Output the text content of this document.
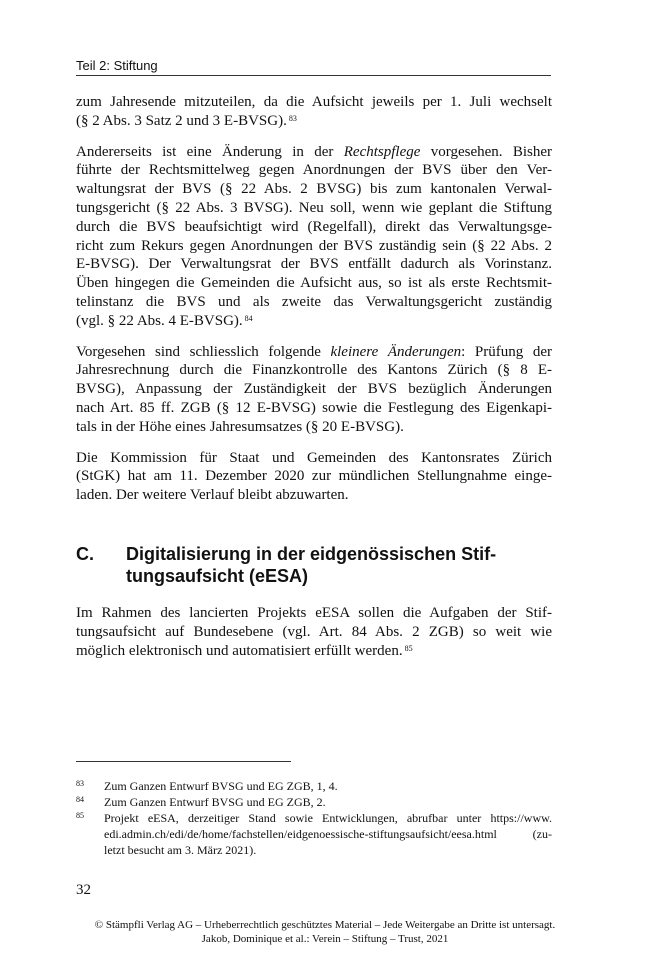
Teil 2: Stiftung

zum Jahresende mitzuteilen, da die Aufsicht jeweils per 1. Juli wechselt
(§ 2 Abs. 3 Satz 2 und 3 E-BVSG). $^{83}$

Andererseits ist eine Änderung in der Rechtspflege vorgesehen. Bisher
führte der Rechtsmittelweg gegen Anordnungen der BVS über den Ver-
waltungsrat der BVS (§ 22 Abs. 2 BVSG) bis zum kantonalen Verwal-
tungsgericht (§ 22 Abs. 3 BVSG). Neu soll, wenn wie geplant die Stiftung
durch die BVS beaufsichtigt wird (Regelfall), direkt das Verwaltungsge-
richt zum Rekurs gegen Anordnungen der BVS zuständig sein (§ 22 Abs. 2
E-BVSG). Der Verwaltungsrat der BVS entfällt dadurch als Vorinstanz.
Üben hingegen die Gemeinden die Aufsicht aus, so ist als erste Rechtsmit-
telinstanz die BVS und als zweite das Verwaltungsgericht zuständig
(vgl. § 22 Abs. 4 E-BVSG). $^{84}$

Vorgesehen sind schliesslich folgende kleinere Änderungen: Prüfung der
Jahresrechnung durch die Finanzkontrolle des Kantons Zürich (§ 8 E-
BVSG), Anpassung der Zuständigkeit der BVS bezüglich Änderungen
nach Art. 85 ff. ZGB (§ 12 E-BVSG) sowie die Festlegung des Eigenkapi-
tals in der Höhe eines Jahresumsatzes (§ 20 E-BVSG).

Die Kommission für Staat und Gemeinden des Kantonsrates Zürich
(StGK) hat am 11. Dezember 2020 zur mündlichen Stellungnahme einge-
laden. Der weitere Verlauf bleibt abzuwarten.

C. Digitalisierung in der eidgenössischen Stif-
tungsaufsicht (eESA)

Im Rahmen des lancierten Projekts eESA sollen die Aufgaben der Stif-
tungsaufsicht auf Bundesebene (vgl. Art. 84 Abs. 2 ZGB) so weit wie
möglich elektronisch und automatisiert erfüllt werden. $^{85}$

83 Zum Ganzen Entwurf BVSG und EG ZGB, 1, 4.
84 Zum Ganzen Entwurf BVSG und EG ZGB, 2.
85 Projekt eESA, derzeitiger Stand sowie Entwicklungen, abrufbar unter https://www.
edi.admin.ch/edi/de/home/fachstellen/eidgenoessische-stiftungsaufsicht/eesa.html (zu-
letzt besucht am 3. März 2021).
32
© Stämpfli Verlag AG – Urheberrechtlich geschütztes Material – Jede Weitergabe an Dritte ist untersagt.
Jakob, Dominique et al.: Verein – Stiftung – Trust, 2021
